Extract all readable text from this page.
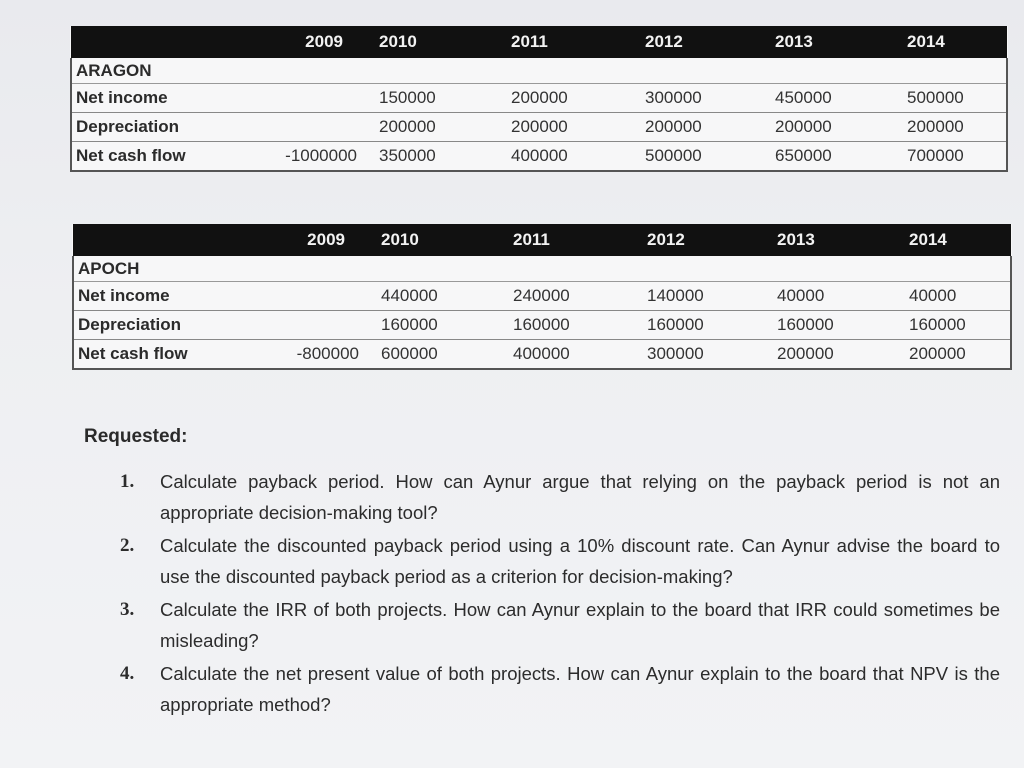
	2009	2010	2011	2012	2013	2014
ARAGON						
Net income		150000	200000	300000	450000	500000
Depreciation		200000	200000	200000	200000	200000
Net cash flow	-1000000	350000	400000	500000	650000	700000
	2009	2010	2011	2012	2013	2014
APOCH						
Net income		440000	240000	140000	40000	40000
Depreciation		160000	160000	160000	160000	160000
Net cash flow	-800000	600000	400000	300000	200000	200000
Requested:
1. Calculate payback period. How can Aynur argue that relying on the payback period is not an appropriate decision-making tool?
2. Calculate the discounted payback period using a 10% discount rate. Can Aynur advise the board to use the discounted payback period as a criterion for decision-making?
3. Calculate the IRR of both projects. How can Aynur explain to the board that IRR could sometimes be misleading?
4. Calculate the net present value of both projects. How can Aynur explain to the board that NPV is the appropriate method?
